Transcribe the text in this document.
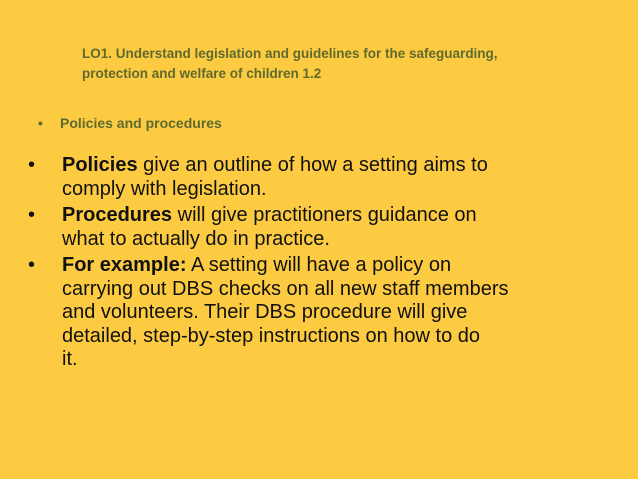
LO1. Understand legislation and guidelines for the safeguarding,
protection and welfare of children 1.2
• Policies and procedures
• Policies give an outline of how a setting aims to
comply with legislation.
• Procedures will give practitioners guidance on
what to actually do in practice.
• For example: A setting will have a policy on
carrying out DBS checks on all new staff members
and volunteers. Their DBS procedure will give
detailed, step-by-step instructions on how to do
it.
